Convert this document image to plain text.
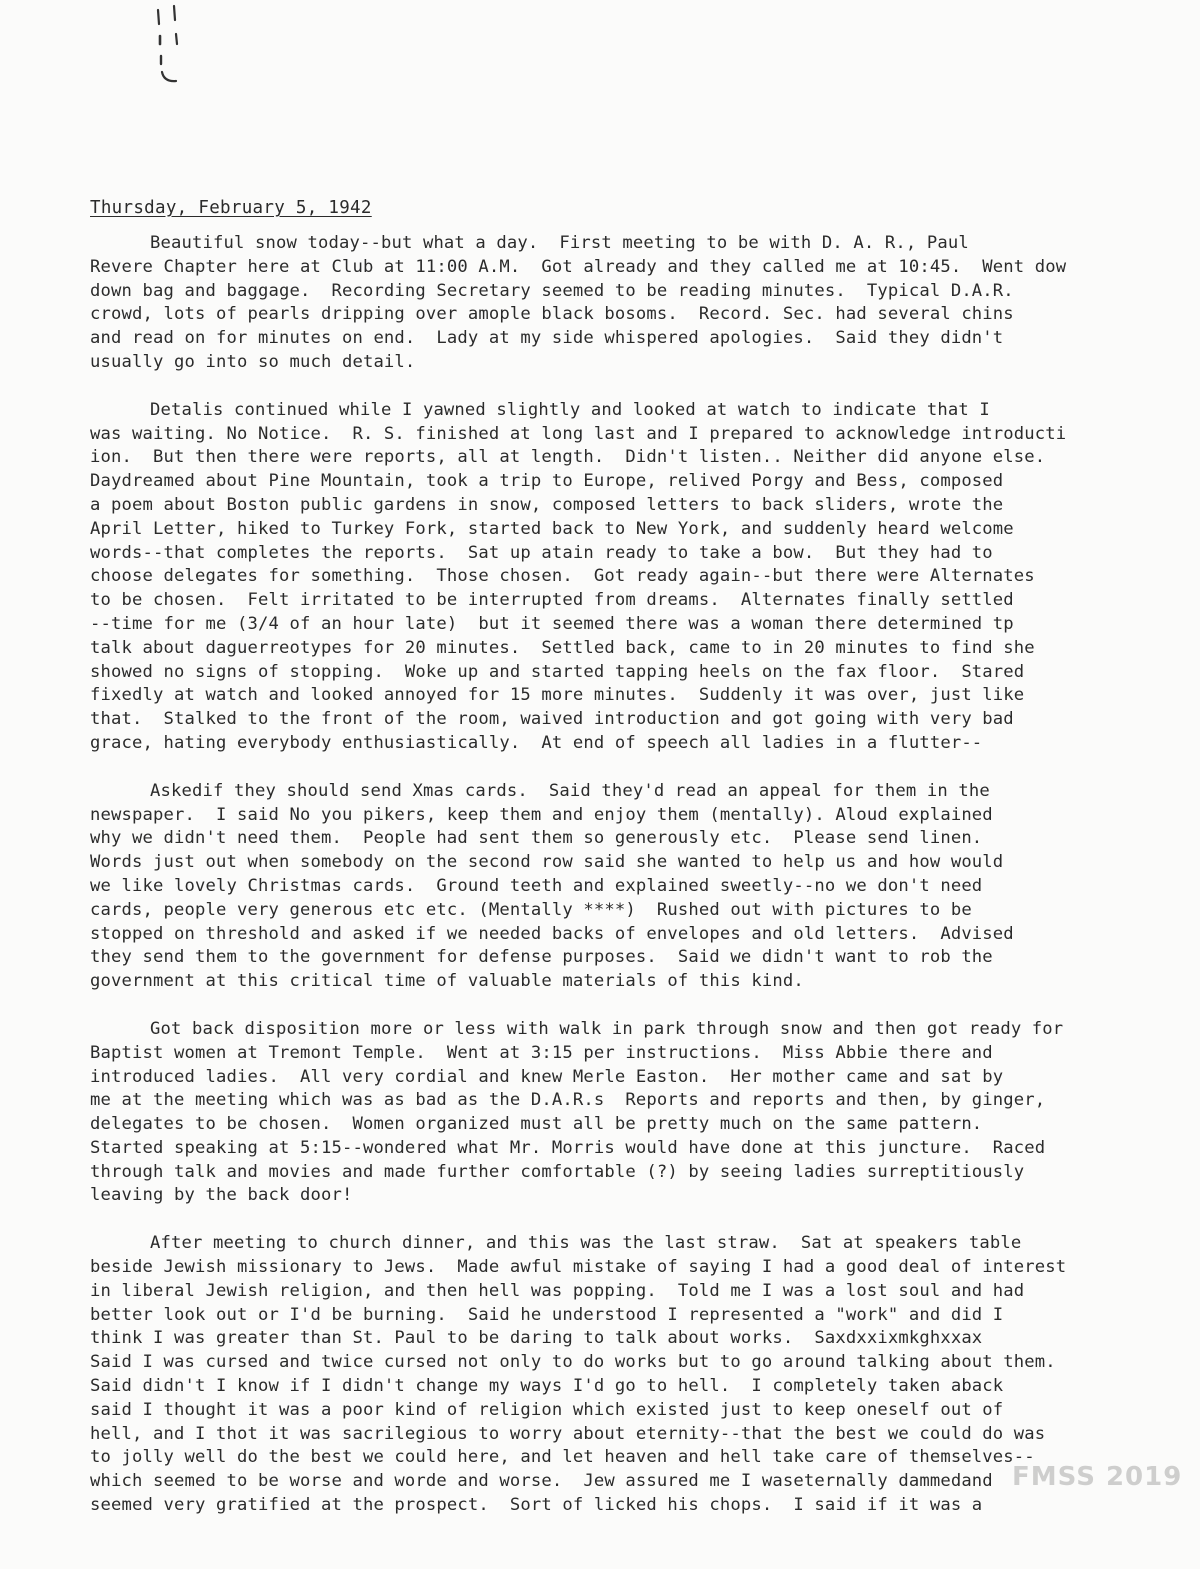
Thursday, February 5, 1942
Beautiful snow today--but what a day.  First meeting to be with D. A. R., Paul
Revere Chapter here at Club at 11:00 A.M.  Got already and they called me at 10:45.  Went dow
down bag and baggage.  Recording Secretary seemed to be reading minutes.  Typical D.A.R.
crowd, lots of pearls dripping over amople black bosoms.  Record. Sec. had several chins
and read on for minutes on end.  Lady at my side whispered apologies.  Said they didn't
usually go into so much detail.
Detalis continued while I yawned slightly and looked at watch to indicate that I
was waiting. No Notice.  R. S. finished at long last and I prepared to acknowledge introducti
ion.  But then there were reports, all at length.  Didn't listen.. Neither did anyone else.
Daydreamed about Pine Mountain, took a trip to Europe, relived Porgy and Bess, composed
a poem about Boston public gardens in snow, composed letters to back sliders, wrote the
April Letter, hiked to Turkey Fork, started back to New York, and suddenly heard welcome
words--that completes the reports.  Sat up atain ready to take a bow.  But they had to
choose delegates for something.  Those chosen.  Got ready again--but there were Alternates
to be chosen.  Felt irritated to be interrupted from dreams.  Alternates finally settled
--time for me (3/4 of an hour late)  but it seemed there was a woman there determined tp
talk about daguerreotypes for 20 minutes.  Settled back, came to in 20 minutes to find she
showed no signs of stopping.  Woke up and started tapping heels on the fax floor.  Stared
fixedly at watch and looked annoyed for 15 more minutes.  Suddenly it was over, just like
that.  Stalked to the front of the room, waived introduction and got going with very bad
grace, hating everybody enthusiastically.  At end of speech all ladies in a flutter--
Askedif they should send Xmas cards.  Said they'd read an appeal for them in the
newspaper.  I said No you pikers, keep them and enjoy them (mentally). Aloud explained
why we didn't need them.  People had sent them so generously etc.  Please send linen.
Words just out when somebody on the second row said she wanted to help us and how would
we like lovely Christmas cards.  Ground teeth and explained sweetly--no we don't need
cards, people very generous etc etc. (Mentally ****)  Rushed out with pictures to be
stopped on threshold and asked if we needed backs of envelopes and old letters.  Advised
they send them to the government for defense purposes.  Said we didn't want to rob the
government at this critical time of valuable materials of this kind.
Got back disposition more or less with walk in park through snow and then got ready for
Baptist women at Tremont Temple.  Went at 3:15 per instructions.  Miss Abbie there and
introduced ladies.  All very cordial and knew Merle Easton.  Her mother came and sat by
me at the meeting which was as bad as the D.A.R.s  Reports and reports and then, by ginger,
delegates to be chosen.  Women organized must all be pretty much on the same pattern.
Started speaking at 5:15--wondered what Mr. Morris would have done at this juncture.  Raced
through talk and movies and made further comfortable (?) by seeing ladies surreptitiously
leaving by the back door!
After meeting to church dinner, and this was the last straw.  Sat at speakers table
beside Jewish missionary to Jews.  Made awful mistake of saying I had a good deal of interest
in liberal Jewish religion, and then hell was popping.  Told me I was a lost soul and had
better look out or I'd be burning.  Said he understood I represented a "work" and did I
think I was greater than St. Paul to be daring to talk about works.  Saxdxxixmkghxxax
Said I was cursed and twice cursed not only to do works but to go around talking about them.
Said didn't I know if I didn't change my ways I'd go to hell.  I completely taken aback
said I thought it was a poor kind of religion which existed just to keep oneself out of
hell, and I thot it was sacrilegious to worry about eternity--that the best we could do was
to jolly well do the best we could here, and let heaven and hell take care of themselves--
which seemed to be worse and worde and worse.  Jew assured me I waseternally dammedand
seemed very gratified at the prospect.  Sort of licked his chops.  I said if it was a
FMSS 2019
